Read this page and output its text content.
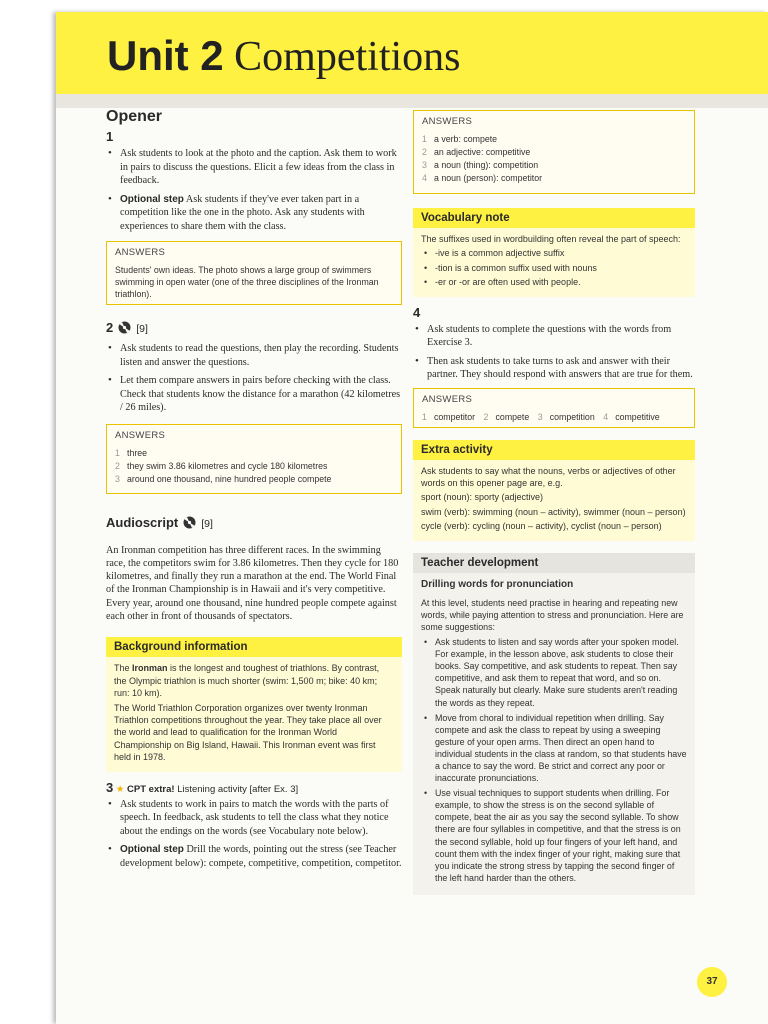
Unit 2 Competitions
Opener
1
• Ask students to look at the photo and the caption. Ask them to work in pairs to discuss the questions. Elicit a few ideas from the class in feedback.
• Optional step Ask students if they've ever taken part in a competition like the one in the photo. Ask any students with experiences to share them with the class.
ANSWERS
Students' own ideas. The photo shows a large group of swimmers swimming in open water (one of the three disciplines of the Ironman triathlon).
2 [9]
• Ask students to read the questions, then play the recording. Students listen and answer the questions.
• Let them compare answers in pairs before checking with the class. Check that students know the distance for a marathon (42 kilometres / 26 miles).
ANSWERS
1 three
2 they swim 3.86 kilometres and cycle 180 kilometres
3 around one thousand, nine hundred people compete
Audioscript [9]

An Ironman competition has three different races. In the swimming race, the competitors swim for 3.86 kilometres. Then they cycle for 180 kilometres, and finally they run a marathon at the end. The World Final of the Ironman Championship is in Hawaii and it's very competitive. Every year, around one thousand, nine hundred people compete against each other in front of thousands of spectators.

Background information

The Ironman is the longest and toughest of triathlons. By contrast, the Olympic triathlon is much shorter (swim: 1,500 m; bike: 40 km; run: 10 km).

The World Triathlon Corporation organizes over twenty Ironman Triathlon competitions throughout the year. They take place all over the world and lead to qualification for the Ironman World Championship on Big Island, Hawaii. This Ironman event was first held in 1978.

3 ★ CPT extra! Listening activity [after Ex. 3]
• Ask students to work in pairs to match the words with the parts of speech. In feedback, ask students to tell the class what they notice about the endings on the words (see Vocabulary note below).
• Optional step Drill the words, pointing out the stress (see Teacher development below): compete, competitive, competition, competitor.
ANSWERS
1 a verb: compete
2 an adjective: competitive
3 a noun (thing): competition
4 a noun (person): competitor
Vocabulary note

The suffixes used in wordbuilding often reveal the part of speech:

• -ive is a common adjective suffix
• -tion is a common suffix used with nouns
• -er or -or are often used with people.
4
• Ask students to complete the questions with the words from Exercise 3.
• Then ask students to take turns to ask and answer with their partner. They should respond with answers that are true for them.
ANSWERS
1 competitor 2 compete 3 competition 4 competitive
Extra activity

Ask students to say what the nouns, verbs or adjectives of other words on this opener page are, e.g.

sport (noun): sporty (adjective)

swim (verb): swimming (noun – activity), swimmer (noun – person)

cycle (verb): cycling (noun – activity), cyclist (noun – person)

Teacher development
Drilling words for pronunciation

At this level, students need practise in hearing and repeating new words, while paying attention to stress and pronunciation. Here are some suggestions:

• Ask students to listen and say words after your spoken model. For example, in the lesson above, ask students to close their books. Say competitive, and ask students to repeat. Then say competitive, and ask them to repeat that word, and so on. Speak naturally but clearly. Make sure students aren't reading the words as they repeat.
• Move from choral to individual repetition when drilling. Say compete and ask the class to repeat by using a sweeping gesture of your open arms. Then direct an open hand to individual students in the class at random, so that students have a chance to say the word. Be strict and correct any poor or inaccurate pronunciations.
• Use visual techniques to support students when drilling. For example, to show the stress is on the second syllable of compete, beat the air as you say the second syllable. To show there are four syllables in competitive, and that the stress is on the second syllable, hold up four fingers of your left hand, and count them with the index finger of your right, making sure that you indicate the strong stress by tapping the second finger of the left hand harder than the others.
37
